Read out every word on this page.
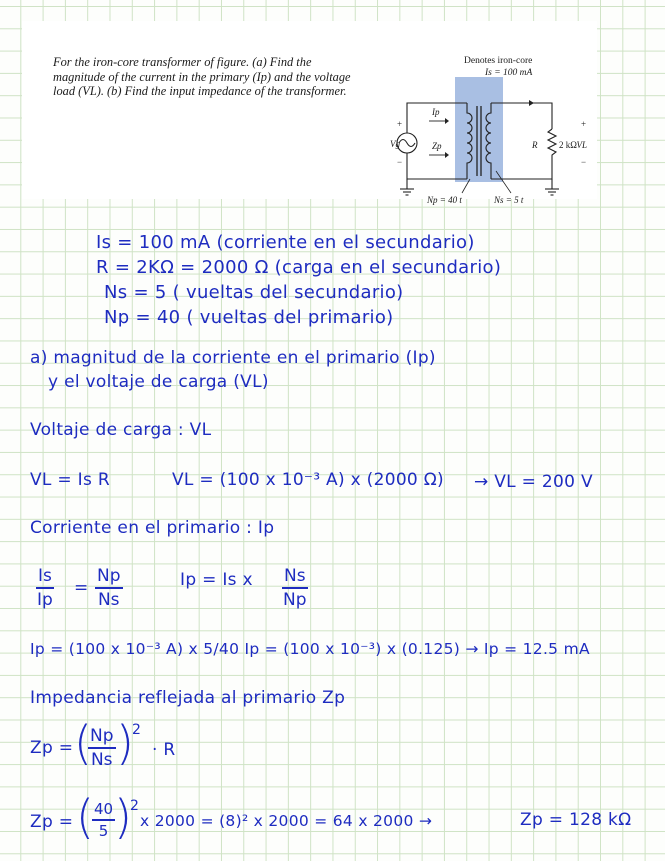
For the iron-core transformer of figure. (a) Find the magnitude of the current in the primary (Ip) and the voltage load (VL). (b) Find the input impedance of the transformer.

Denotes iron-core
Is = 100 mA
Vg
+
−
Ip
Zp	R 2 kΩ VL
+
−
Np = 40 t	Ns = 5 t
Is = 100 mA (corriente en el secundario)
R = 2KΩ = 2000 Ω (carga en el secundario)
Ns = 5 ( vueltas del secundario)
Np = 40 ( vueltas del primario)
a) magnitud de la corriente en el primario (Ip)
y el voltaje de carga (VL)
Voltaje de carga : VL
VL = Is R	VL = (100 x 10⁻³ A) x (2000 Ω) → VL = 200 V
Corriente en el primario : Ip
$\frac{Is}{Ip} = \frac{Np}{Ns}$	Ip = Is x $\frac{Ns}{Np}$
Ip = (100 x 10⁻³ A) x 5/40 Ip = (100 x 10⁻³) x (0.125) → Ip = 12.5 mA
Impedancia reflejada al primario Zp
Zp = (
$\frac{Np}{Ns}$ )
2
· R
Zp = (
$\frac{40}{5}$
)
2
x 2000 = (8)² x 2000 = 64 x 2000 →	Zp = 128 kΩ
